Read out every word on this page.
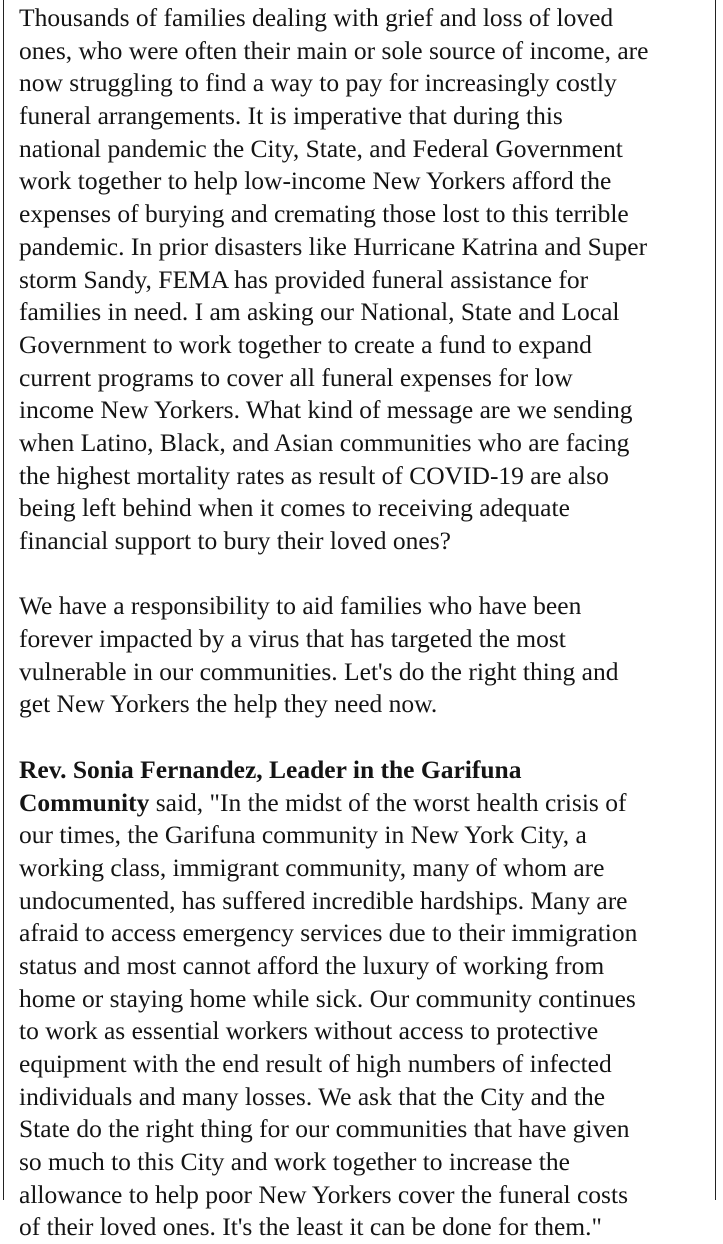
Thousands of families dealing with grief and loss of loved
ones, who were often their main or sole source of income, are
now struggling to find a way to pay for increasingly costly
funeral arrangements. It is imperative that during this
national pandemic the City, State, and Federal Government
work together to help low-income New Yorkers afford the
expenses of burying and cremating those lost to this terrible
pandemic. In prior disasters like Hurricane Katrina and Super
storm Sandy, FEMA has provided funeral assistance for
families in need. I am asking our National, State and Local
Government to work together to create a fund to expand
current programs to cover all funeral expenses for low
income New Yorkers. What kind of message are we sending
when Latino, Black, and Asian communities who are facing
the highest mortality rates as result of COVID-19 are also
being left behind when it comes to receiving adequate
financial support to bury their loved ones?
We have a responsibility to aid families who have been
forever impacted by a virus that has targeted the most
vulnerable in our communities. Let's do the right thing and
get New Yorkers the help they need now.
Rev. Sonia Fernandez, Leader in the Garifuna
Community said, "In the midst of the worst health crisis of
our times, the Garifuna community in New York City, a
working class, immigrant community, many of whom are
undocumented, has suffered incredible hardships. Many are
afraid to access emergency services due to their immigration
status and most cannot afford the luxury of working from
home or staying home while sick. Our community continues
to work as essential workers without access to protective
equipment with the end result of high numbers of infected
individuals and many losses. We ask that the City and the
State do the right thing for our communities that have given
so much to this City and work together to increase the
allowance to help poor New Yorkers cover the funeral costs
of their loved ones. It's the least it can be done for them."
